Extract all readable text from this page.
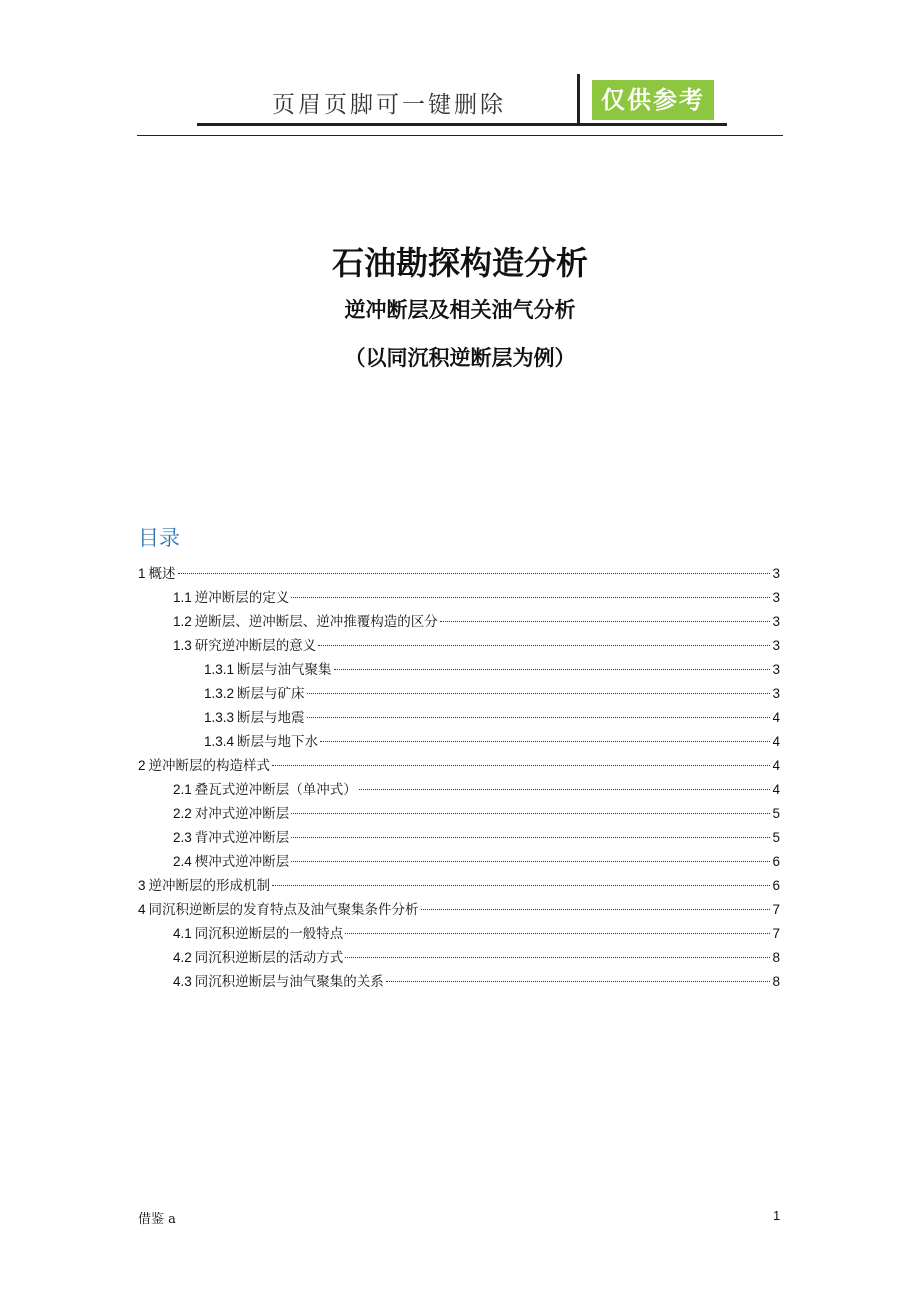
页眉页脚可一键删除	仅供参考
石油勘探构造分析
逆冲断层及相关油气分析
（以同沉积逆断层为例）
目录
1 概述	3
1.1 逆冲断层的定义	3
1.2 逆断层、逆冲断层、逆冲推覆构造的区分	3
1.3 研究逆冲断层的意义	3
1.3.1 断层与油气聚集	3
1.3.2 断层与矿床	3
1.3.3 断层与地震	4
1.3.4 断层与地下水	4
2 逆冲断层的构造样式	4
2.1 叠瓦式逆冲断层（单冲式）	4
2.2 对冲式逆冲断层	5
2.3 背冲式逆冲断层	5
2.4 楔冲式逆冲断层	6
3 逆冲断层的形成机制	6
4 同沉积逆断层的发育特点及油气聚集条件分析	7
4.1 同沉积逆断层的一般特点	7
4.2 同沉积逆断层的活动方式	8
4.3 同沉积逆断层与油气聚集的关系	8
借鉴 a	1
